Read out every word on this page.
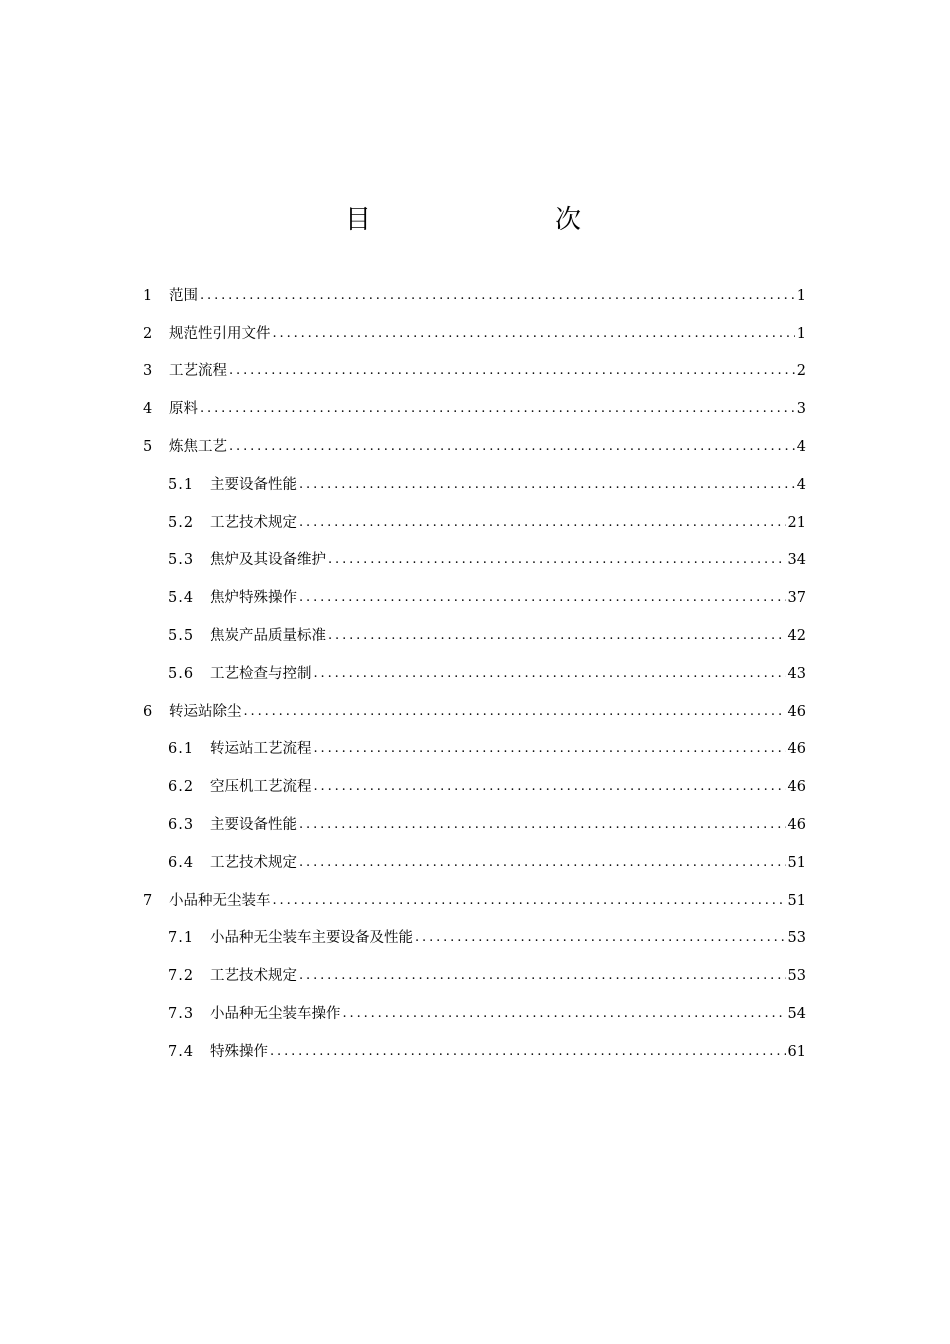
目　　次
1	范围 .....	1
2	规范性引用文件 .....	1
3	工艺流程 .....	2
4	原料 .....	3
5	炼焦工艺 .....	4
5.1	主要设备性能 .....	4
5.2	工艺技术规定 .....	21
5.3	焦炉及其设备维护 .....	34
5.4	焦炉特殊操作 .....	37
5.5	焦炭产品质量标准 .....	42
5.6	工艺检查与控制 .....	43
6	转运站除尘 .....	46
6.1	转运站工艺流程 .....	46
6.2	空压机工艺流程 .....	46
6.3	主要设备性能 .....	46
6.4	工艺技术规定 .....	51
7	小品种无尘装车 .....	51
7.1	小品种无尘装车主要设备及性能 .....	53
7.2	工艺技术规定 .....	53
7.3	小品种无尘装车操作 .....	54
7.4	特殊操作 .....	61
